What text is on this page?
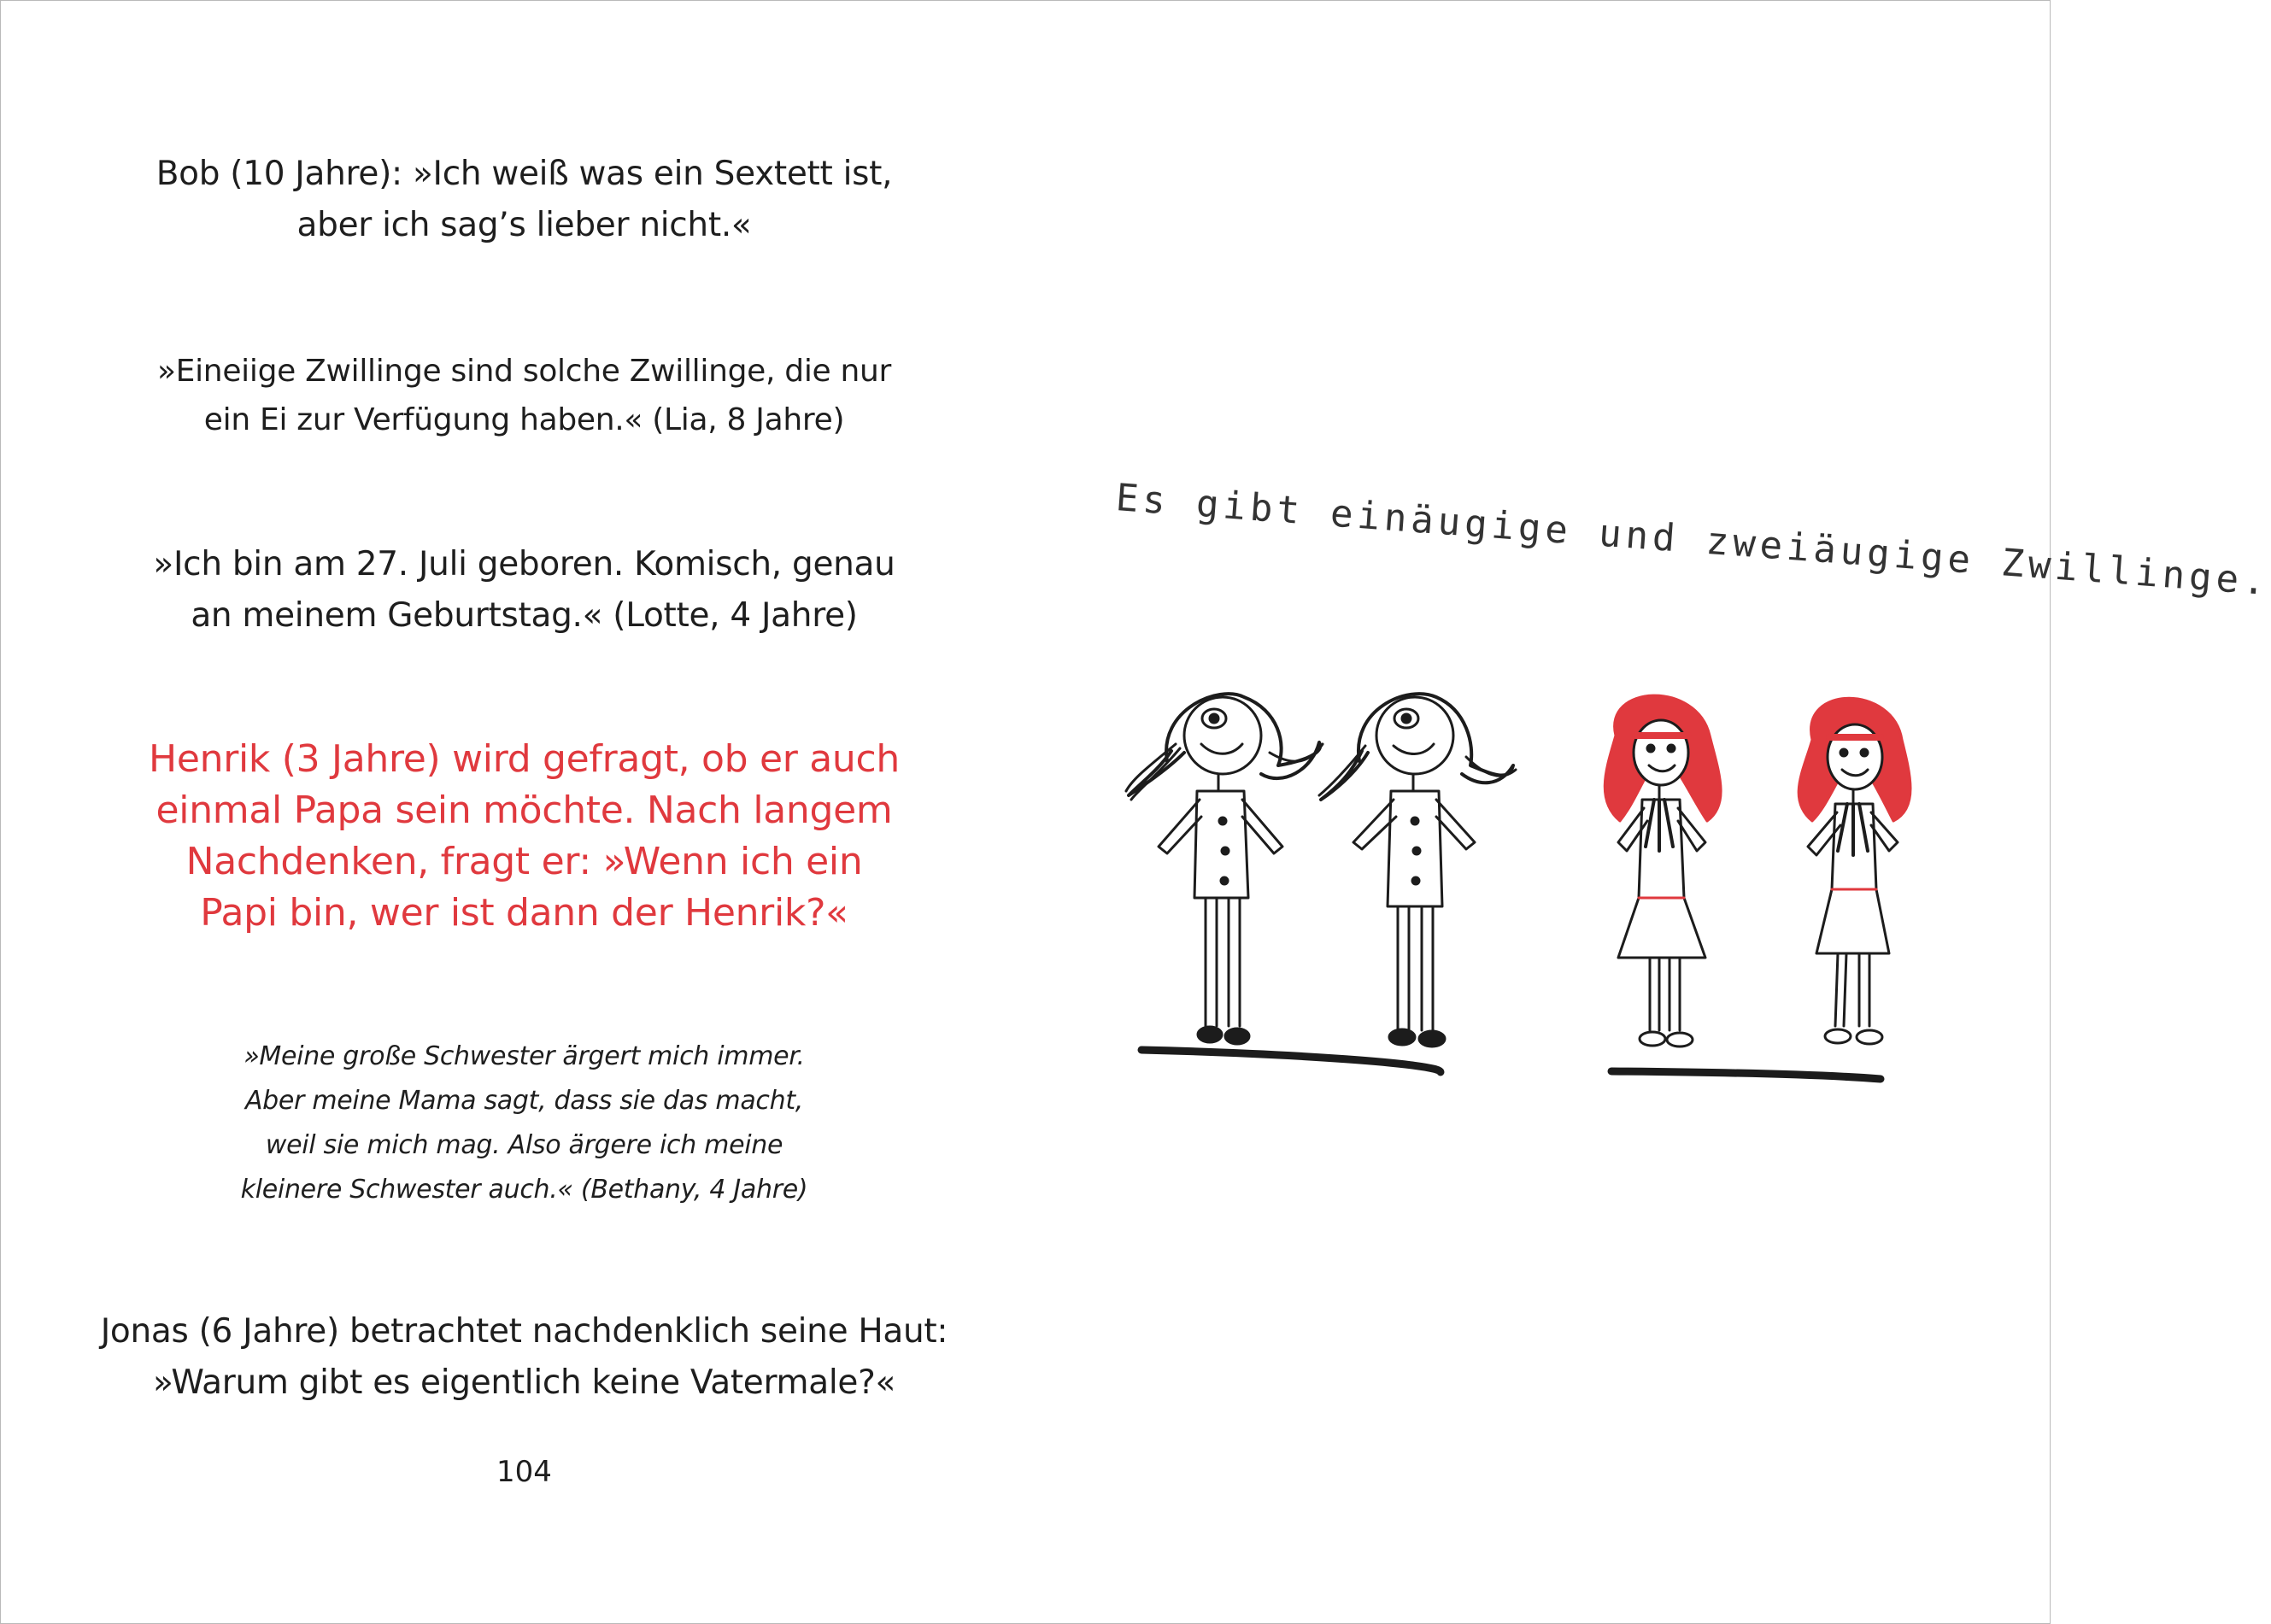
Bob (10 Jahre): »Ich weiß was ein Sextett ist,
aber ich sag’s lieber nicht.«
»Eineiige Zwillinge sind solche Zwillinge, die nur
ein Ei zur Verfügung haben.« (Lia, 8 Jahre)
»Ich bin am 27. Juli geboren. Komisch, genau
an meinem Geburtstag.« (Lotte, 4 Jahre)
Henrik (3 Jahre) wird gefragt, ob er auch
einmal Papa sein möchte. Nach langem
Nachdenken, fragt er: »Wenn ich ein
Papi bin, wer ist dann der Henrik?«
»Meine große Schwester ärgert mich immer.
Aber meine Mama sagt, dass sie das macht,
weil sie mich mag. Also ärgere ich meine
kleinere Schwester auch.« (Bethany, 4 Jahre)
Jonas (6 Jahre) betrachtet nachdenklich seine Haut:
»Warum gibt es eigentlich keine Vatermale?«
104
Es gibt einäugige und zweiäugige Zwillinge.
